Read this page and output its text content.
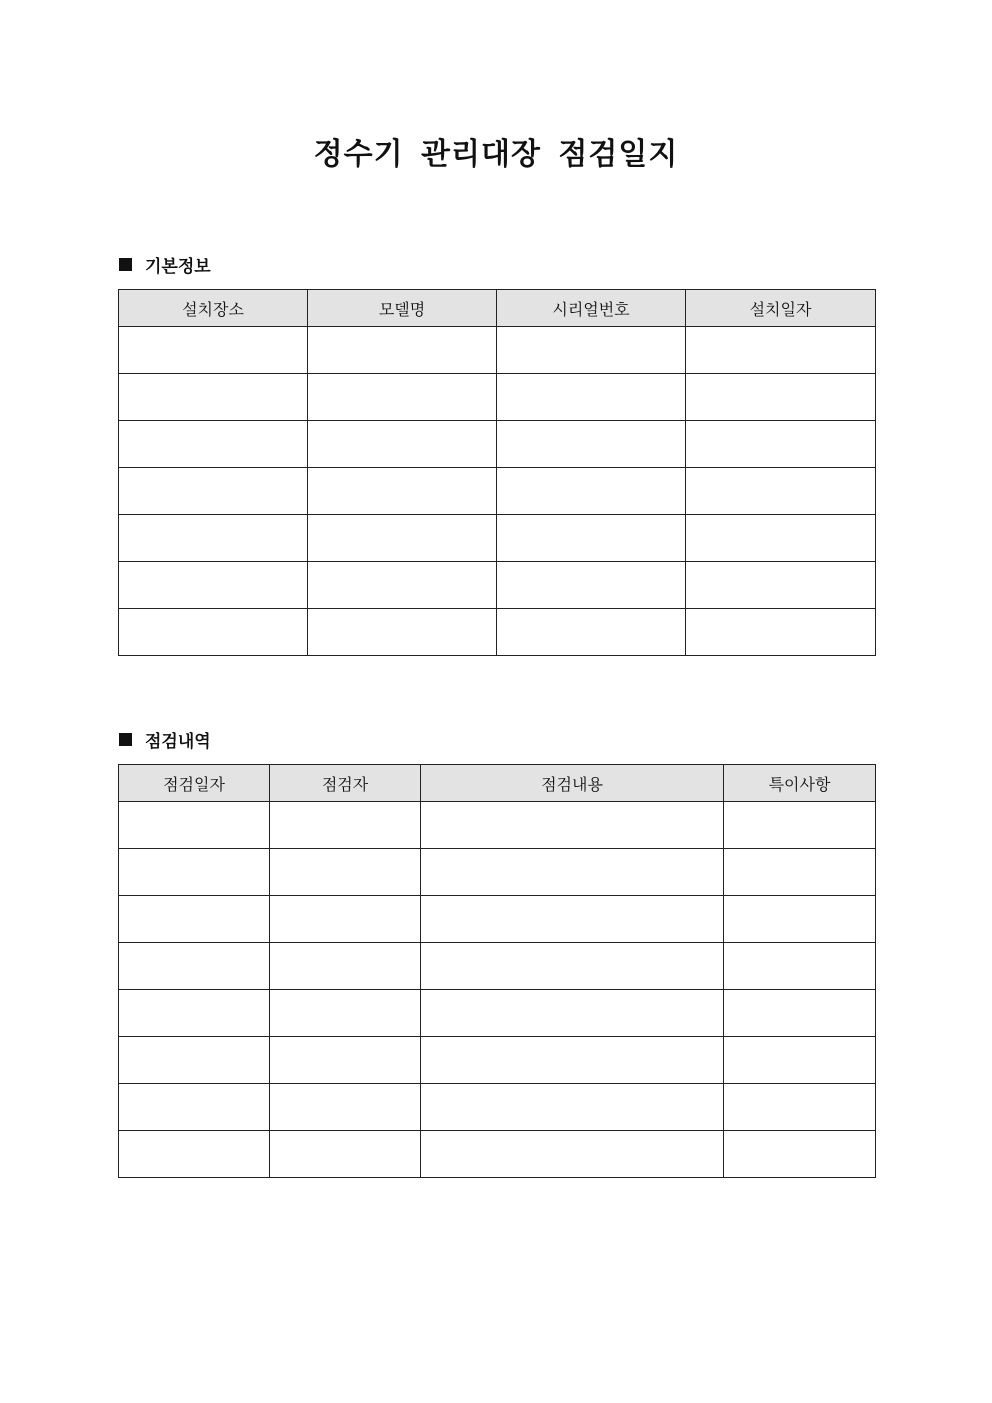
정수기 관리대장 점검일지
기본정보
설치장소	모델명	시리얼번호	설치일자

점검내역
점검일자	점검자	점검내용	특이사항
